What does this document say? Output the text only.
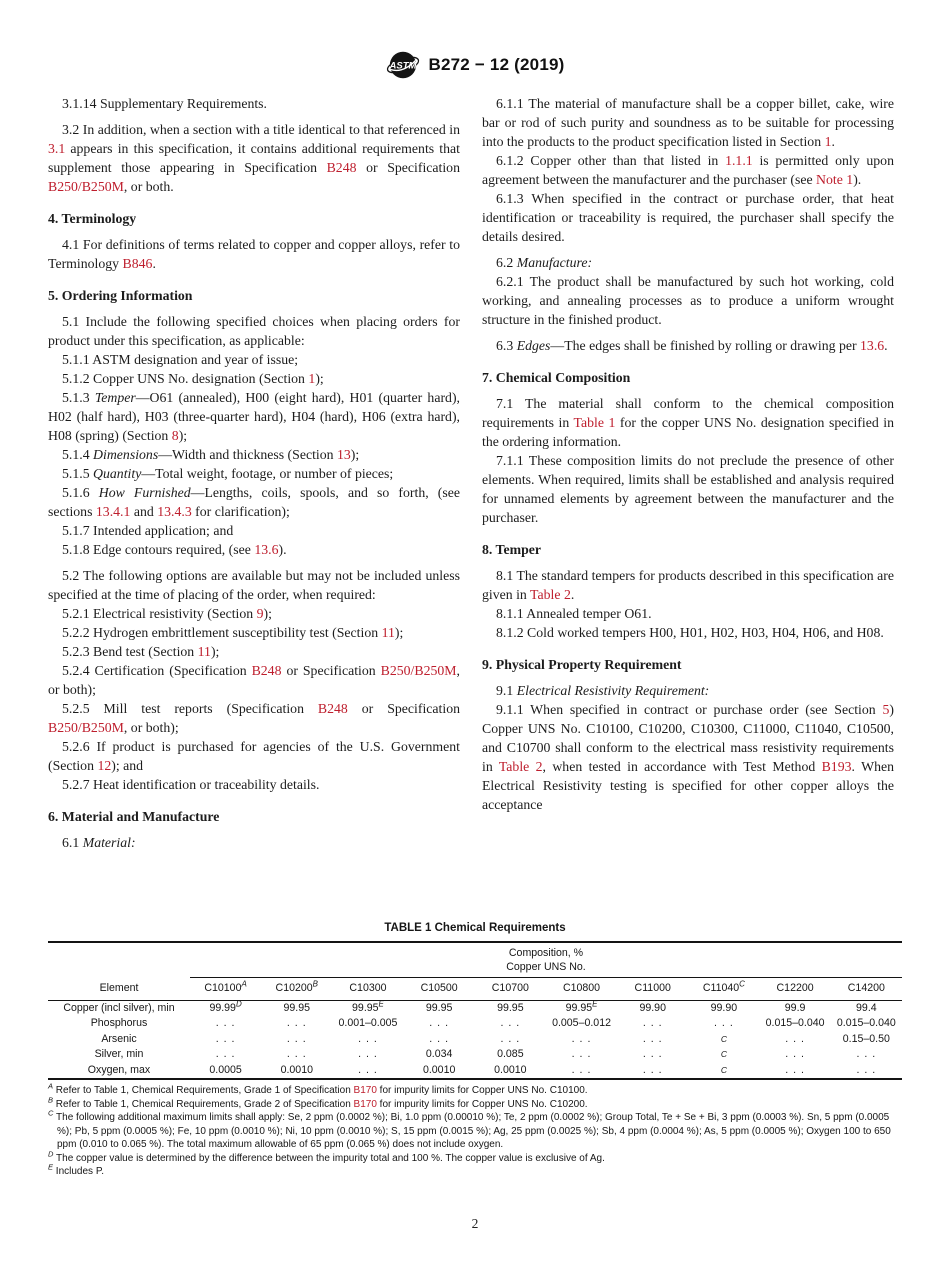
ASTM B272 − 12 (2019)
3.1.14 Supplementary Requirements.
3.2 In addition, when a section with a title identical to that referenced in 3.1 appears in this specification, it contains additional requirements that supplement those appearing in Specification B248 or Specification B250/B250M, or both.
4. Terminology
4.1 For definitions of terms related to copper and copper alloys, refer to Terminology B846.
5. Ordering Information
5.1 Include the following specified choices when placing orders for product under this specification, as applicable:
5.1.1 ASTM designation and year of issue;
5.1.2 Copper UNS No. designation (Section 1);
5.1.3 Temper—O61 (annealed), H00 (eight hard), H01 (quarter hard), H02 (half hard), H03 (three-quarter hard), H04 (hard), H06 (extra hard), H08 (spring) (Section 8);
5.1.4 Dimensions—Width and thickness (Section 13);
5.1.5 Quantity—Total weight, footage, or number of pieces;
5.1.6 How Furnished—Lengths, coils, spools, and so forth, (see sections 13.4.1 and 13.4.3 for clarification);
5.1.7 Intended application; and
5.1.8 Edge contours required, (see 13.6).
5.2 The following options are available but may not be included unless specified at the time of placing of the order, when required:
5.2.1 Electrical resistivity (Section 9);
5.2.2 Hydrogen embrittlement susceptibility test (Section 11);
5.2.3 Bend test (Section 11);
5.2.4 Certification (Specification B248 or Specification B250/B250M, or both);
5.2.5 Mill test reports (Specification B248 or Specification B250/B250M, or both);
5.2.6 If product is purchased for agencies of the U.S. Government (Section 12); and
5.2.7 Heat identification or traceability details.
6. Material and Manufacture
6.1 Material:
6.1.1 The material of manufacture shall be a copper billet, cake, wire bar or rod of such purity and soundness as to be suitable for processing into the products to the product specification listed in Section 1.
6.1.2 Copper other than that listed in 1.1.1 is permitted only upon agreement between the manufacturer and the purchaser (see Note 1).
6.1.3 When specified in the contract or purchase order, that heat identification or traceability is required, the purchaser shall specify the details desired.
6.2 Manufacture:
6.2.1 The product shall be manufactured by such hot working, cold working, and annealing processes as to produce a uniform wrought structure in the finished product.
6.3 Edges—The edges shall be finished by rolling or drawing per 13.6.
7. Chemical Composition
7.1 The material shall conform to the chemical composition requirements in Table 1 for the copper UNS No. designation specified in the ordering information.
7.1.1 These composition limits do not preclude the presence of other elements. When required, limits shall be established and analysis required for unnamed elements by agreement between the manufacturer and the purchaser.
8. Temper
8.1 The standard tempers for products described in this specification are given in Table 2.
8.1.1 Annealed temper O61.
8.1.2 Cold worked tempers H00, H01, H02, H03, H04, H06, and H08.
9. Physical Property Requirement
9.1 Electrical Resistivity Requirement:
9.1.1 When specified in contract or purchase order (see Section 5) Copper UNS No. C10100, C10200, C10300, C11000, C11040, C10500, and C10700 shall conform to the electrical mass resistivity requirements in Table 2, when tested in accordance with Test Method B193. When Electrical Resistivity testing is specified for other copper alloys the acceptance
TABLE 1 Chemical Requirements

	Composition, %
Copper UNS No.									

Element	$C10100^A$	$C10200^B$	C10300	C10500	C10700	C10800	C11000	$C11040^C$	C12200	C14200
Copper (incl silver), min	$99.99^D$	99.95	$99.95^E$	99.95	99.95	$99.95^E$	99.90	99.90	99.9	99.4
Phosphorus	. . .	. . .	0.001–0.005	. . .	. . .	0.005–0.012	. . .	. . .	0.015–0.040	0.015–0.040
Arsenic	. . .	. . .	. . .	. . .	. . .	. . .	. . .	C	. . .	0.15–0.50
Silver, min	. . .	. . .	. . .	0.034	0.085	. . .	. . .	C	. . .	. . .
Oxygen, max	0.0005	0.0010	. . .	0.0010	0.0010	. . .	. . .	C	. . .	. . .
$^A$ Refer to Table 1, Chemical Requirements, Grade 1 of Specification B170 for impurity limits for Copper UNS No. C10100.
$^B$ Refer to Table 1, Chemical Requirements, Grade 2 of Specification B170 for impurity limits for Copper UNS No. C10200.
$^C$ The following additional maximum limits shall apply: Se, 2 ppm (0.0002 %); Bi, 1.0 ppm (0.00010 %); Te, 2 ppm (0.0002 %); Group Total, Te + Se + Bi, 3 ppm (0.0003 %). Sn, 5 ppm (0.0005 %); Pb, 5 ppm (0.0005 %); Fe, 10 ppm (0.0010 %); Ni, 10 ppm (0.0010 %); S, 15 ppm (0.0015 %); Ag, 25 ppm (0.0025 %); Sb, 4 ppm (0.0004 %); As, 5 ppm (0.0005 %); Oxygen 100 to 650 ppm (0.010 to 0.065 %). The total maximum allowable of 65 ppm (0.065 %) does not include oxygen.
$^D$ The copper value is determined by the difference between the impurity total and 100 %. The copper value is exclusive of Ag.
$^E$ Includes P.
2
